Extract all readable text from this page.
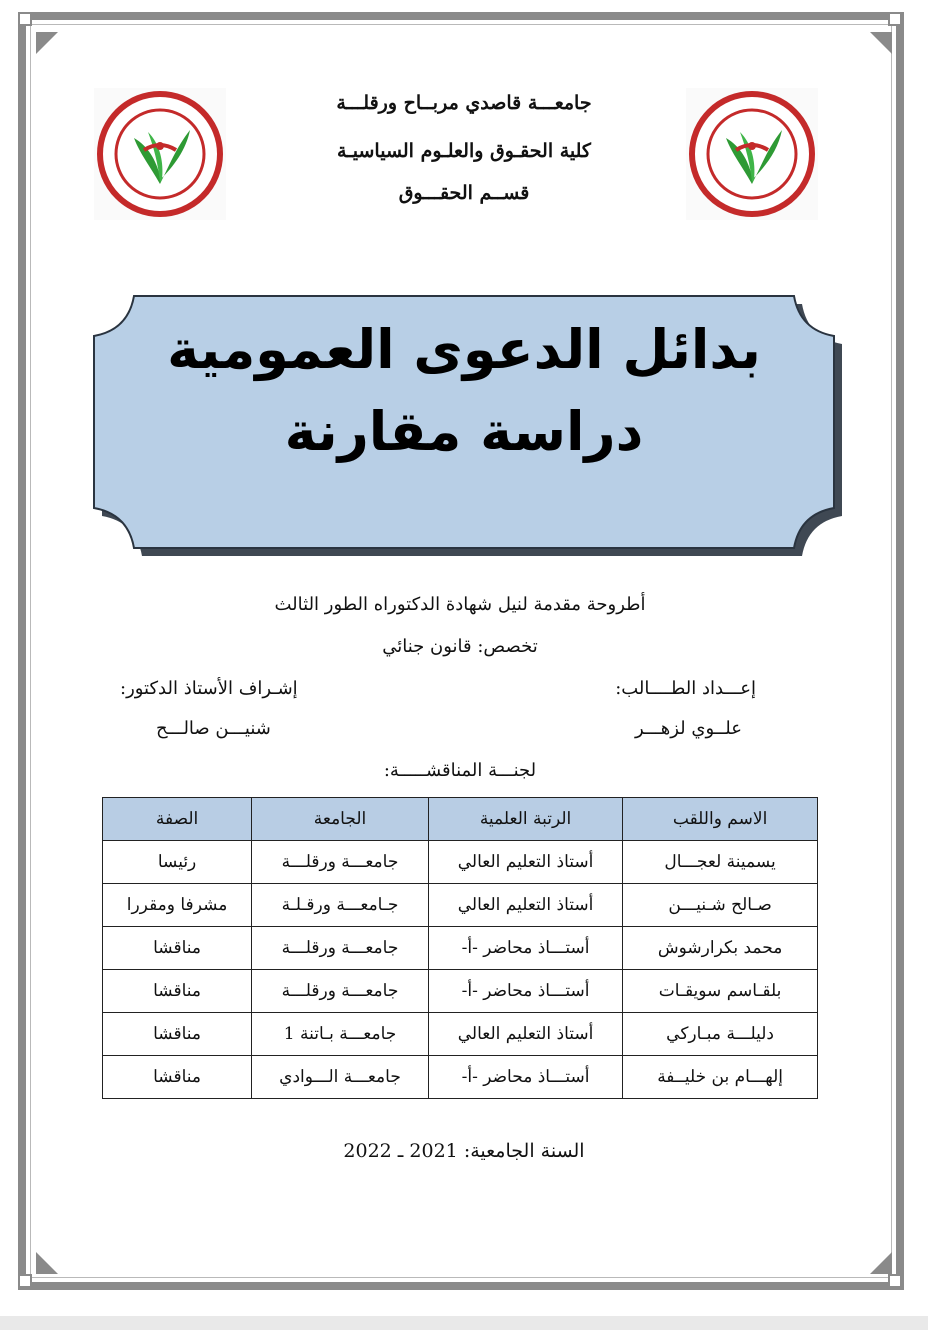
جامعـــة قاصدي مربــاح ورقلـــة
كلية الحقـوق والعلـوم السياسيـة
قســم الحقـــوق
بدائل الدعوى العمومية
دراسة مقارنة
أطروحة مقدمة لنيل شهادة الدكتوراه الطور الثالث
تخصص: قانون جنائي
إعـــداد الطــــالب:
علــوي لزهـــر
إشـراف الأستاذ الدكتور:
شنيـــن صالـــح
لجنـــة المناقشـــــة:
الاسم واللقب	الرتبة العلمية	الجامعة	الصفة
يسمينة لعجـــال	أستاذ التعليم العالي	جامعـــة ورقلـــة	رئيسا
صـالح شـنيـــن	أستاذ التعليم العالي	جـامعـــة ورقـلـة	مشرفا ومقررا
محمد بكرارشوش	أستـــاذ محاضر -أ-	جامعـــة ورقلـــة	مناقشا
بلقـاسم سويقـات	أستـــاذ محاضر -أ-	جامعـــة ورقلـــة	مناقشا
دليلـــة مبـاركي	أستاذ التعليم العالي	جامعـــة بـاتنة 1	مناقشا
إلهـــام بن خليــفة	أستـــاذ محاضر -أ-	جامعـــة الـــوادي	مناقشا
السنة الجامعية: 2021 ـ 2022
